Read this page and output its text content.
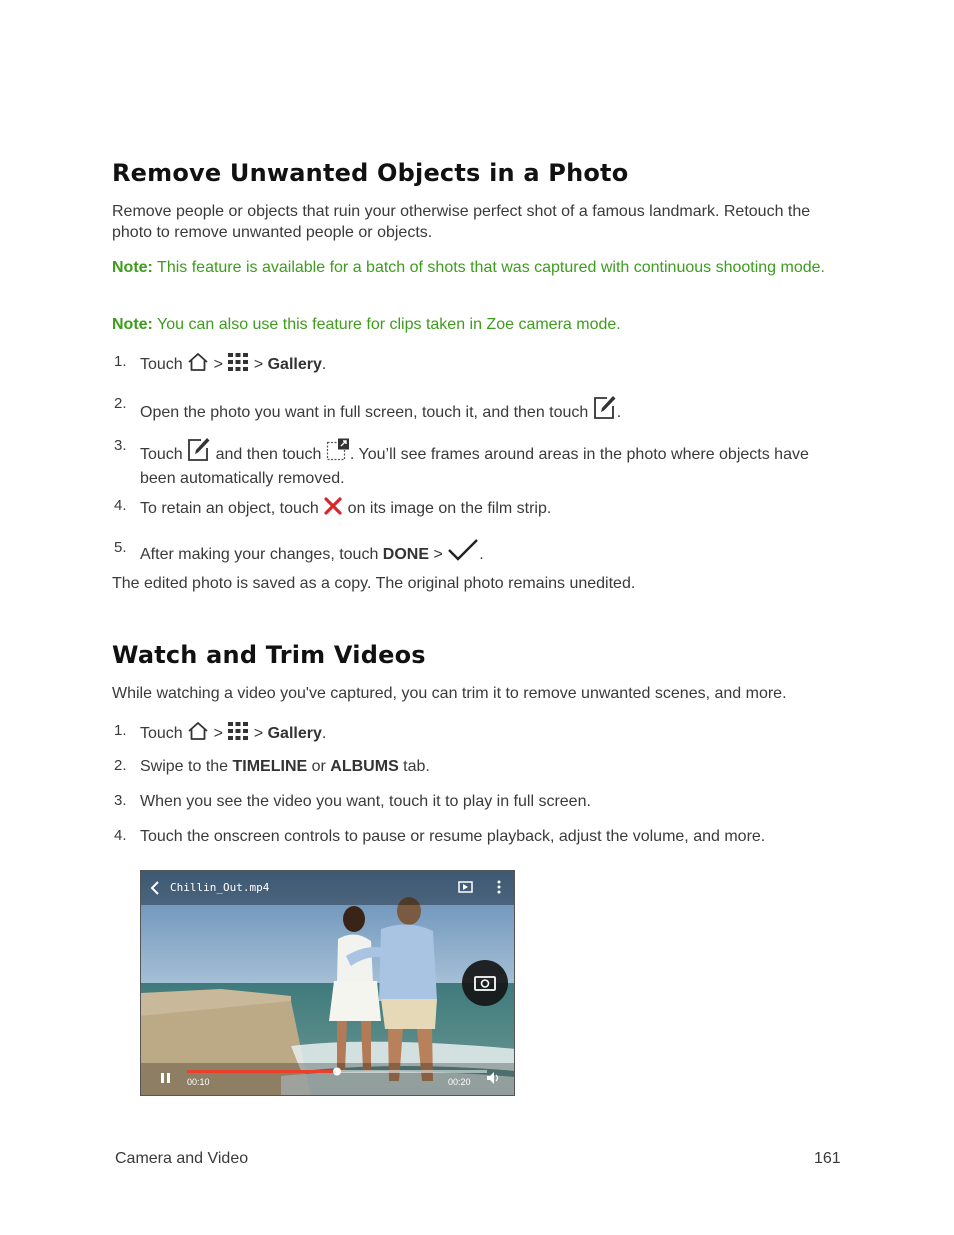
Remove Unwanted Objects in a Photo
Remove people or objects that ruin your otherwise perfect shot of a famous landmark. Retouch the photo to remove unwanted people or objects.
Note: This feature is available for a batch of shots that was captured with continuous shooting mode.
Note: You can also use this feature for clips taken in Zoe camera mode.
1. Touch  >  > Gallery.
2.
Open the photo you want in full screen, touch it, and then touch .
3.
Touch  and then touch . You’ll see frames around areas in the photo where objects have been automatically removed.
4. To retain an object, touch  on its image on the film strip.
5. After making your changes, touch DONE > .
The edited photo is saved as a copy. The original photo remains unedited.
Watch and Trim Videos
While watching a video you've captured, you can trim it to remove unwanted scenes, and more.
1. Touch  >  > Gallery.
2. Swipe to the TIMELINE or ALBUMS tab.
3. When you see the video you want, touch it to play in full screen.
4. Touch the onscreen controls to pause or resume playback, adjust the volume, and more.
Chillin_Out.mp4
00:10	00:20
Camera and Video	161
